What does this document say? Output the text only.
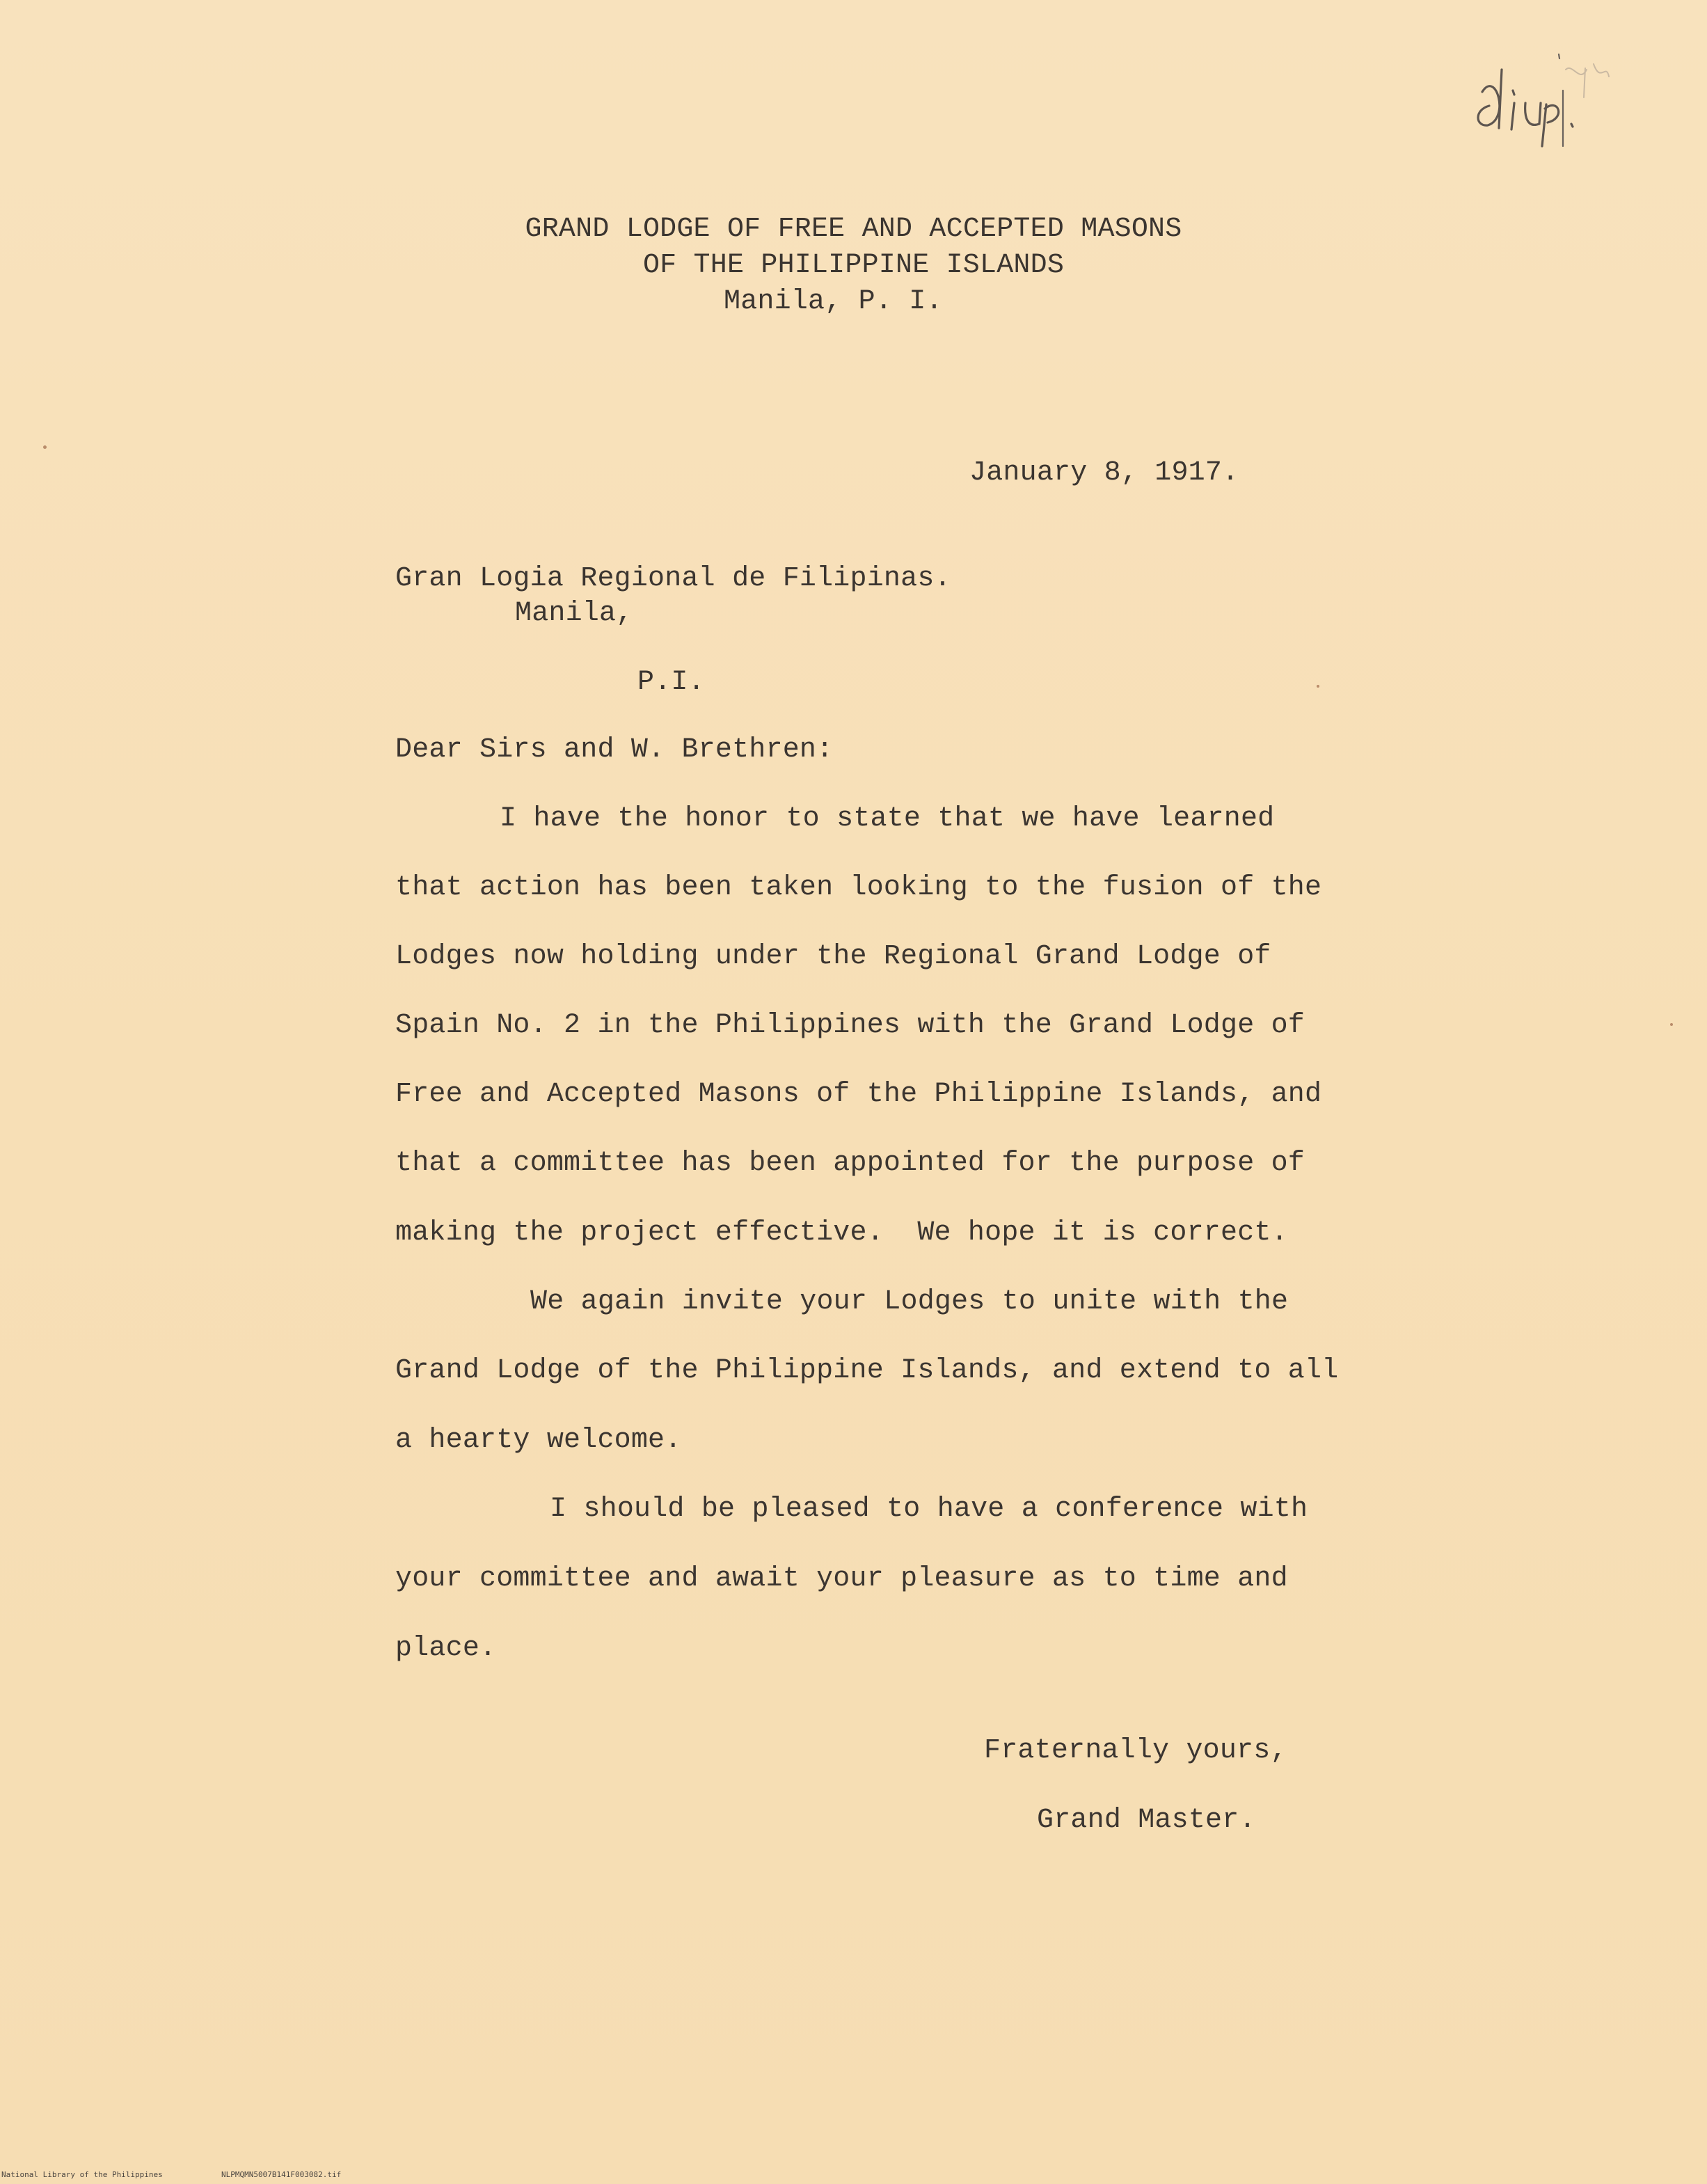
GRAND LODGE OF FREE AND ACCEPTED MASONS

OF THE PHILIPPINE ISLANDS

Manila, P. I.

January 8, 1917.

Gran Logia Regional de Filipinas.

Manila,

P.I.

Dear Sirs and W. Brethren:

I have the honor to state that we have learned

that action has been taken looking to the fusion of the

Lodges now holding under the Regional Grand Lodge of

Spain No. 2 in the Philippines with the Grand Lodge of

Free and Accepted Masons of the Philippine Islands, and

that a committee has been appointed for the purpose of

making the project effective.  We hope it is correct.

We again invite your Lodges to unite with the

Grand Lodge of the Philippine Islands, and extend to all

a hearty welcome.

I should be pleased to have a conference with

your committee and await your pleasure as to time and

place.

Fraternally yours,

Grand Master.

National Library of the Philippines	NLPMQMN5007B141F003082.tif
